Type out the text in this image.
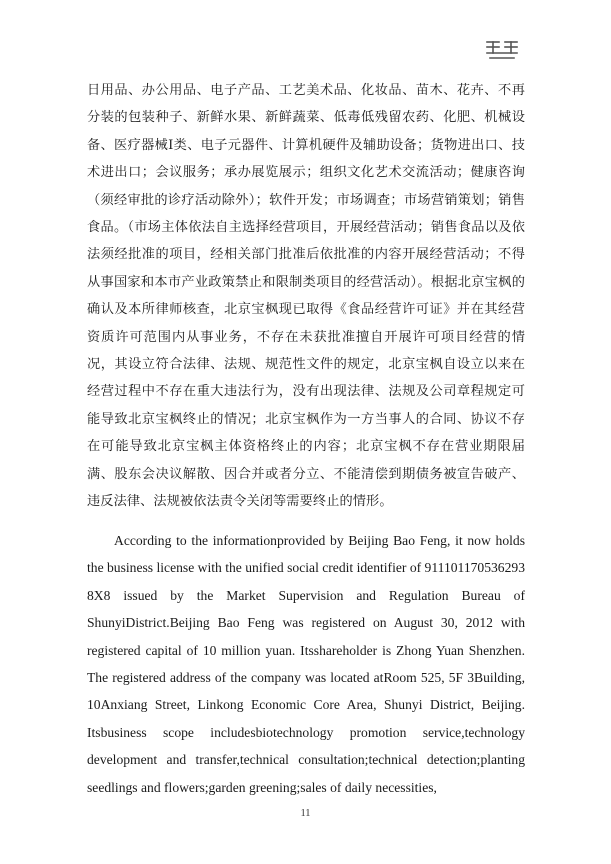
日用品、办公用品、电子产品、工艺美术品、化妆品、苗木、花卉、不再分装的包装种子、新鲜水果、新鲜蔬菜、低毒低残留农药、化肥、机械设备、医疗器械Ⅰ类、电子元器件、计算机硬件及辅助设备；货物进出口、技术进出口；会议服务；承办展览展示；组织文化艺术交流活动；健康咨询（须经审批的诊疗活动除外）；软件开发；市场调查；市场营销策划；销售食品。（市场主体依法自主选择经营项目，开展经营活动；销售食品以及依法须经批准的项目，经相关部门批准后依批准的内容开展经营活动；不得从事国家和本市产业政策禁止和限制类项目的经营活动）。根据北京宝枫的确认及本所律师核查，北京宝枫现已取得《食品经营许可证》并在其经营资质许可范围内从事业务，不存在未获批准擅自开展许可项目经营的情况，其设立符合法律、法规、规范性文件的规定，北京宝枫自设立以来在经营过程中不存在重大违法行为，没有出现法律、法规及公司章程规定可能导致北京宝枫终止的情况；北京宝枫作为一方当事人的合同、协议不存在可能导致北京宝枫主体资格终止的内容；北京宝枫不存在营业期限届满、股东会决议解散、因合并或者分立、不能清偿到期债务被宣告破产、违反法律、法规被依法责令关闭等需要终止的情形。

According to the informationprovided by Beijing Bao Feng, it now holds the business license with the unified social credit identifier of 911101170536293 8X8 issued by the Market Supervision and Regulation Bureau of ShunyiDistrict.Beijing Bao Feng was registered on August 30, 2012 with registered capital of 10 million yuan. Itsshareholder is Zhong Yuan Shenzhen. The registered address of the company was located atRoom 525, 5F 3Building, 10Anxiang Street, Linkong Economic Core Area, Shunyi District, Beijing. Itsbusiness scope includesbiotechnology promotion service,technology development and transfer,technical consultation;technical detection;planting seedlings and flowers;garden greening;sales of daily necessities,

11
